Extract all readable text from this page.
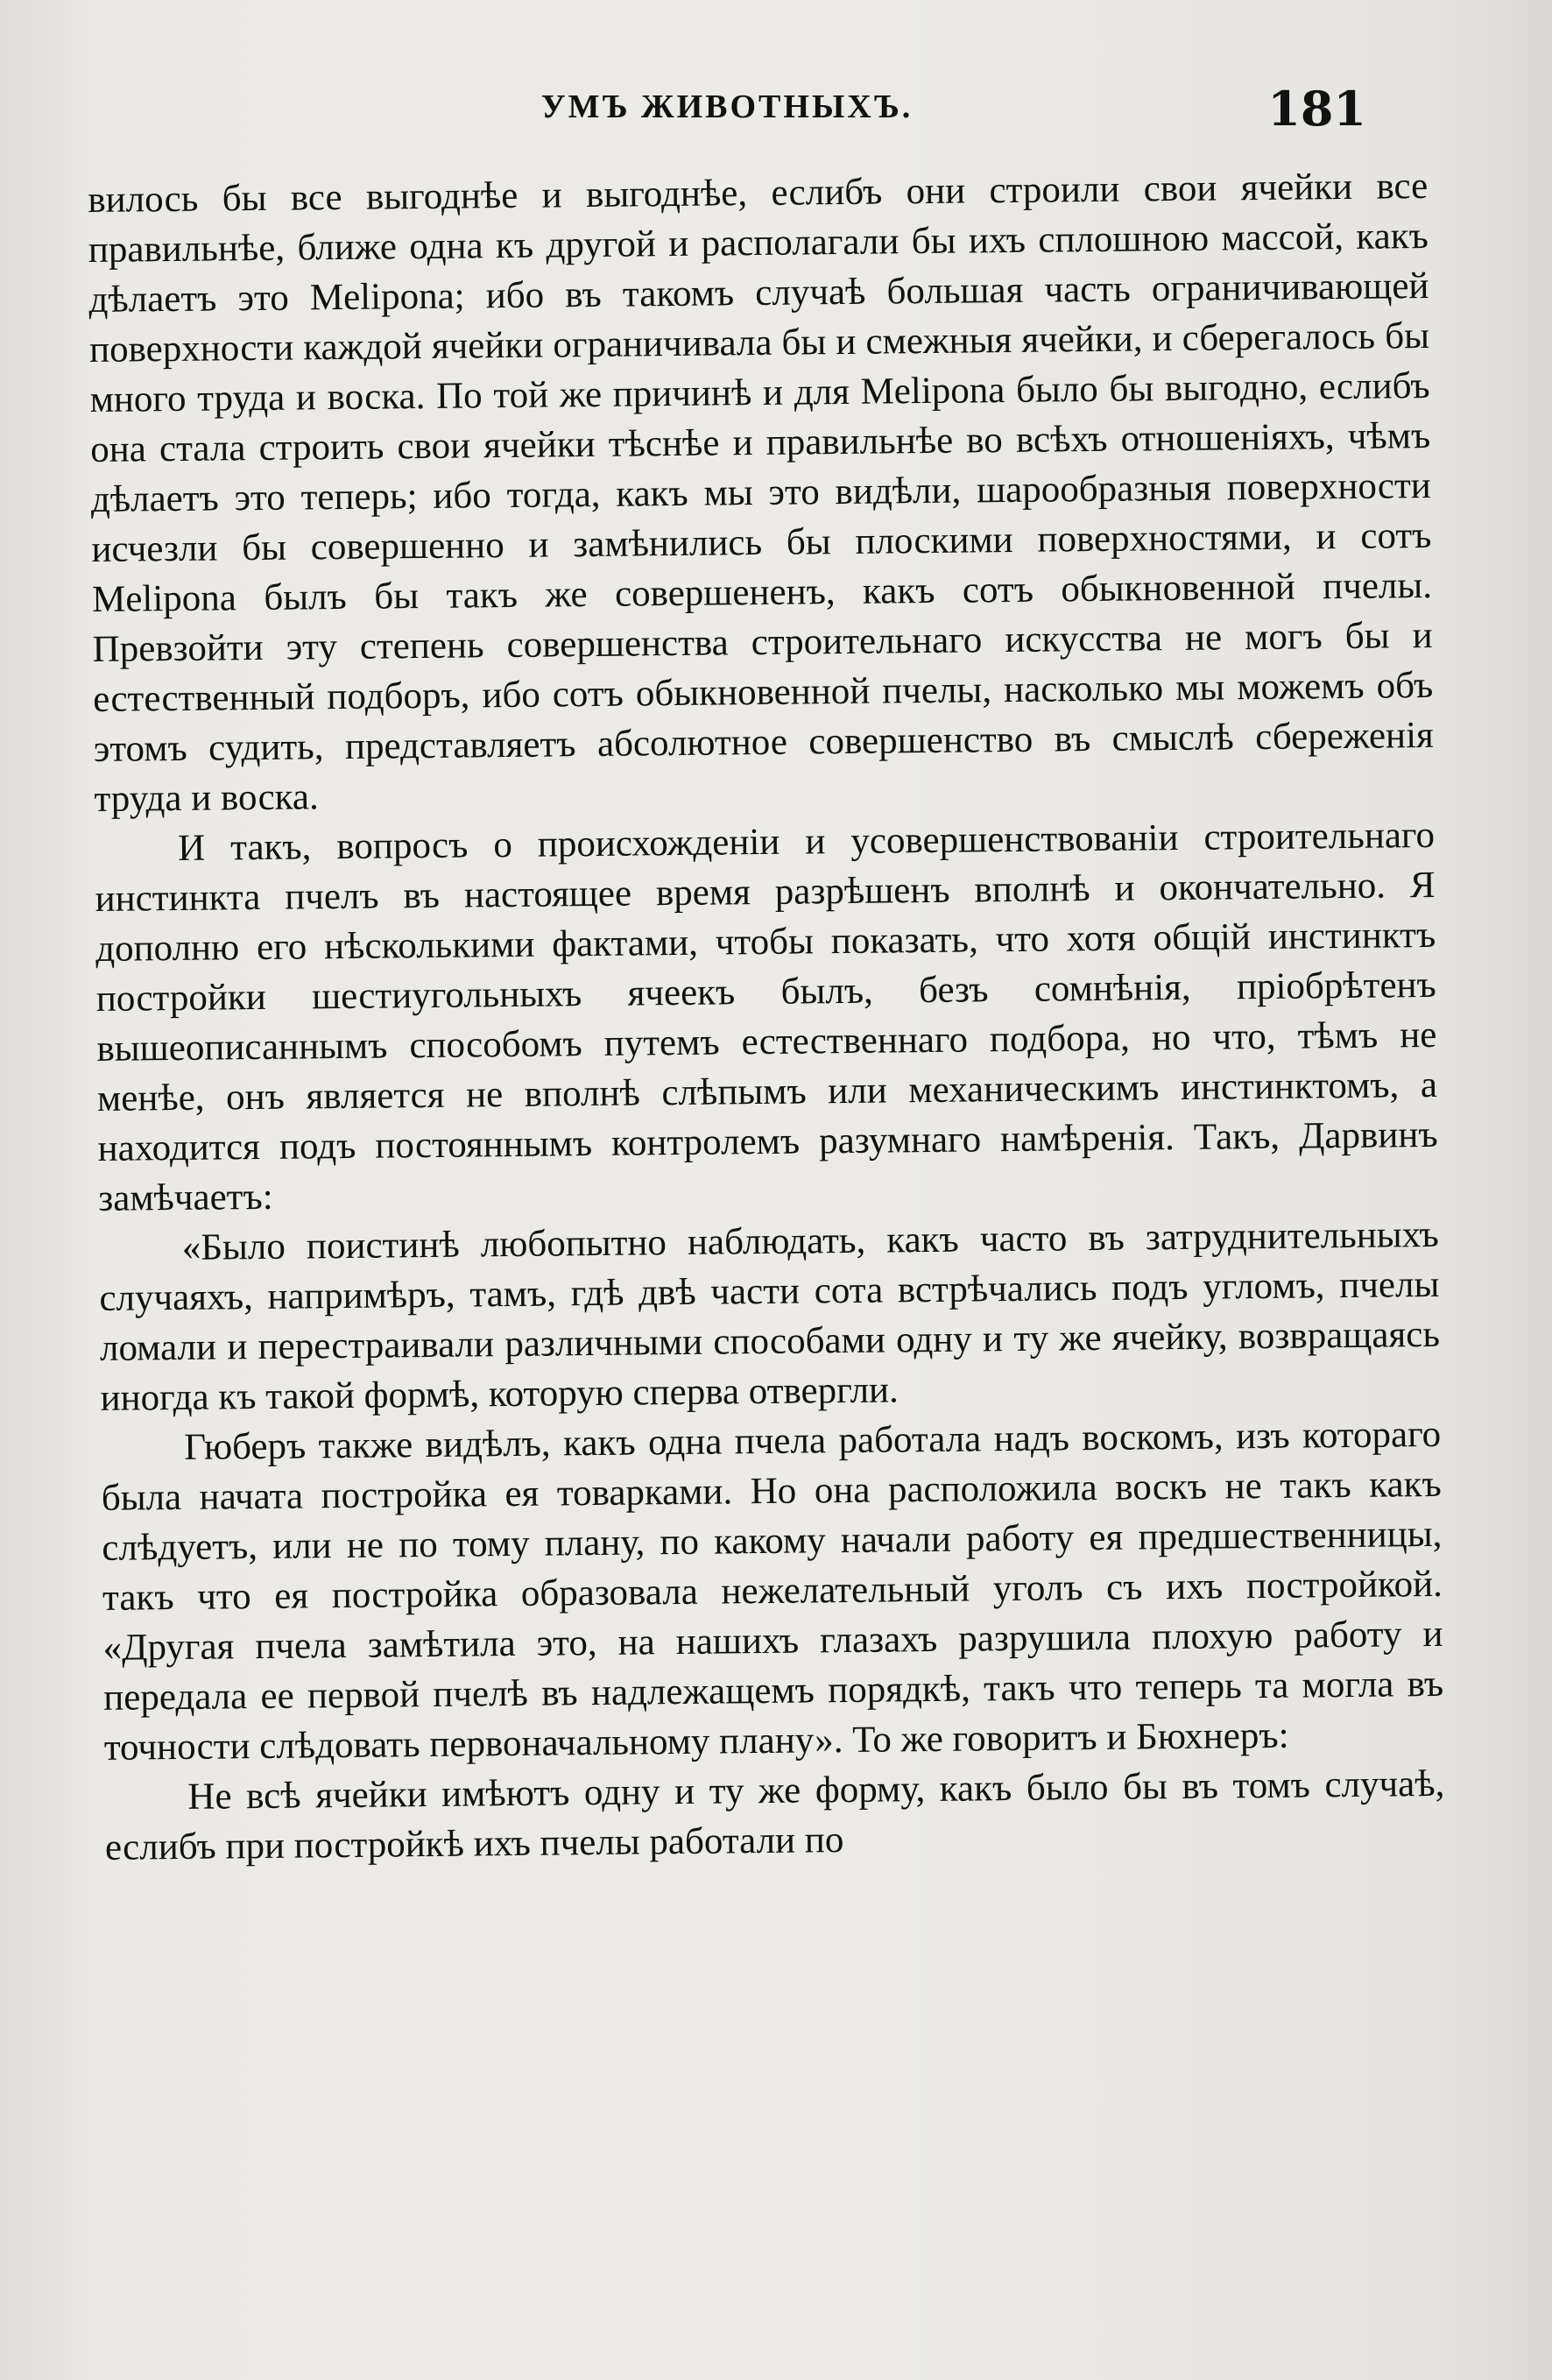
УМЪ ЖИВОТНЫХЪ.	181

вилось бы все выгоднѣе и выгоднѣе, еслибъ они строили свои ячейки все правильнѣе, ближе одна къ другой и располагали бы ихъ сплошною массой, какъ дѣлаетъ это Melipona; ибо въ такомъ случаѣ большая часть ограничивающей поверхности каждой ячейки ограничивала бы и смежныя ячейки, и сберегалось бы много труда и воска. По той же причинѣ и для Melipona было бы выгодно, еслибъ она стала строить свои ячейки тѣснѣе и правильнѣе во всѣхъ отношеніяхъ, чѣмъ дѣлаетъ это теперь; ибо тогда, какъ мы это видѣли, шарообразныя поверхности исчезли бы совершенно и замѣнились бы плоскими поверхностями, и сотъ Melipona былъ бы такъ же совершененъ, какъ сотъ обыкновенной пчелы. Превзойти эту степень совершенства строительнаго искусства не могъ бы и естественный подборъ, ибо сотъ обыкновенной пчелы, насколько мы можемъ объ этомъ судить, представляетъ абсолютное совершенство въ смыслѣ сбереженія труда и воска.

И такъ, вопросъ о происхожденіи и усовершенствованіи строительнаго инстинкта пчелъ въ настоящее время разрѣшенъ вполнѣ и окончательно. Я дополню его нѣсколькими фактами, чтобы показать, что хотя общій инстинктъ постройки шестиугольныхъ ячеекъ былъ, безъ сомнѣнія, пріобрѣтенъ вышеописаннымъ способомъ путемъ естественнаго подбора, но что, тѣмъ не менѣе, онъ является не вполнѣ слѣпымъ или механическимъ инстинктомъ, а находится подъ постояннымъ контролемъ разумнаго намѣренія. Такъ, Дарвинъ замѣчаетъ:

«Было поистинѣ любопытно наблюдать, какъ часто въ затруднительныхъ случаяхъ, напримѣръ, тамъ, гдѣ двѣ части сота встрѣчались подъ угломъ, пчелы ломали и перестраивали различными способами одну и ту же ячейку, возвращаясь иногда къ такой формѣ, которую сперва отвергли.

Гюберъ также видѣлъ, какъ одна пчела работала надъ воскомъ, изъ котораго была начата постройка ея товарками. Но она расположила воскъ не такъ какъ слѣдуетъ, или не по тому плану, по какому начали работу ея предшественницы, такъ что ея постройка образовала нежелательный уголъ съ ихъ постройкой. «Другая пчела замѣтила это, на нашихъ глазахъ разрушила плохую работу и передала ее первой пчелѣ въ надлежащемъ порядкѣ, такъ что теперь та могла въ точности слѣдовать первоначальному плану». То же говоритъ и Бюхнеръ:

Не всѣ ячейки имѣютъ одну и ту же форму, какъ было бы въ томъ случаѣ, еслибъ при постройкѣ ихъ пчелы работали по
